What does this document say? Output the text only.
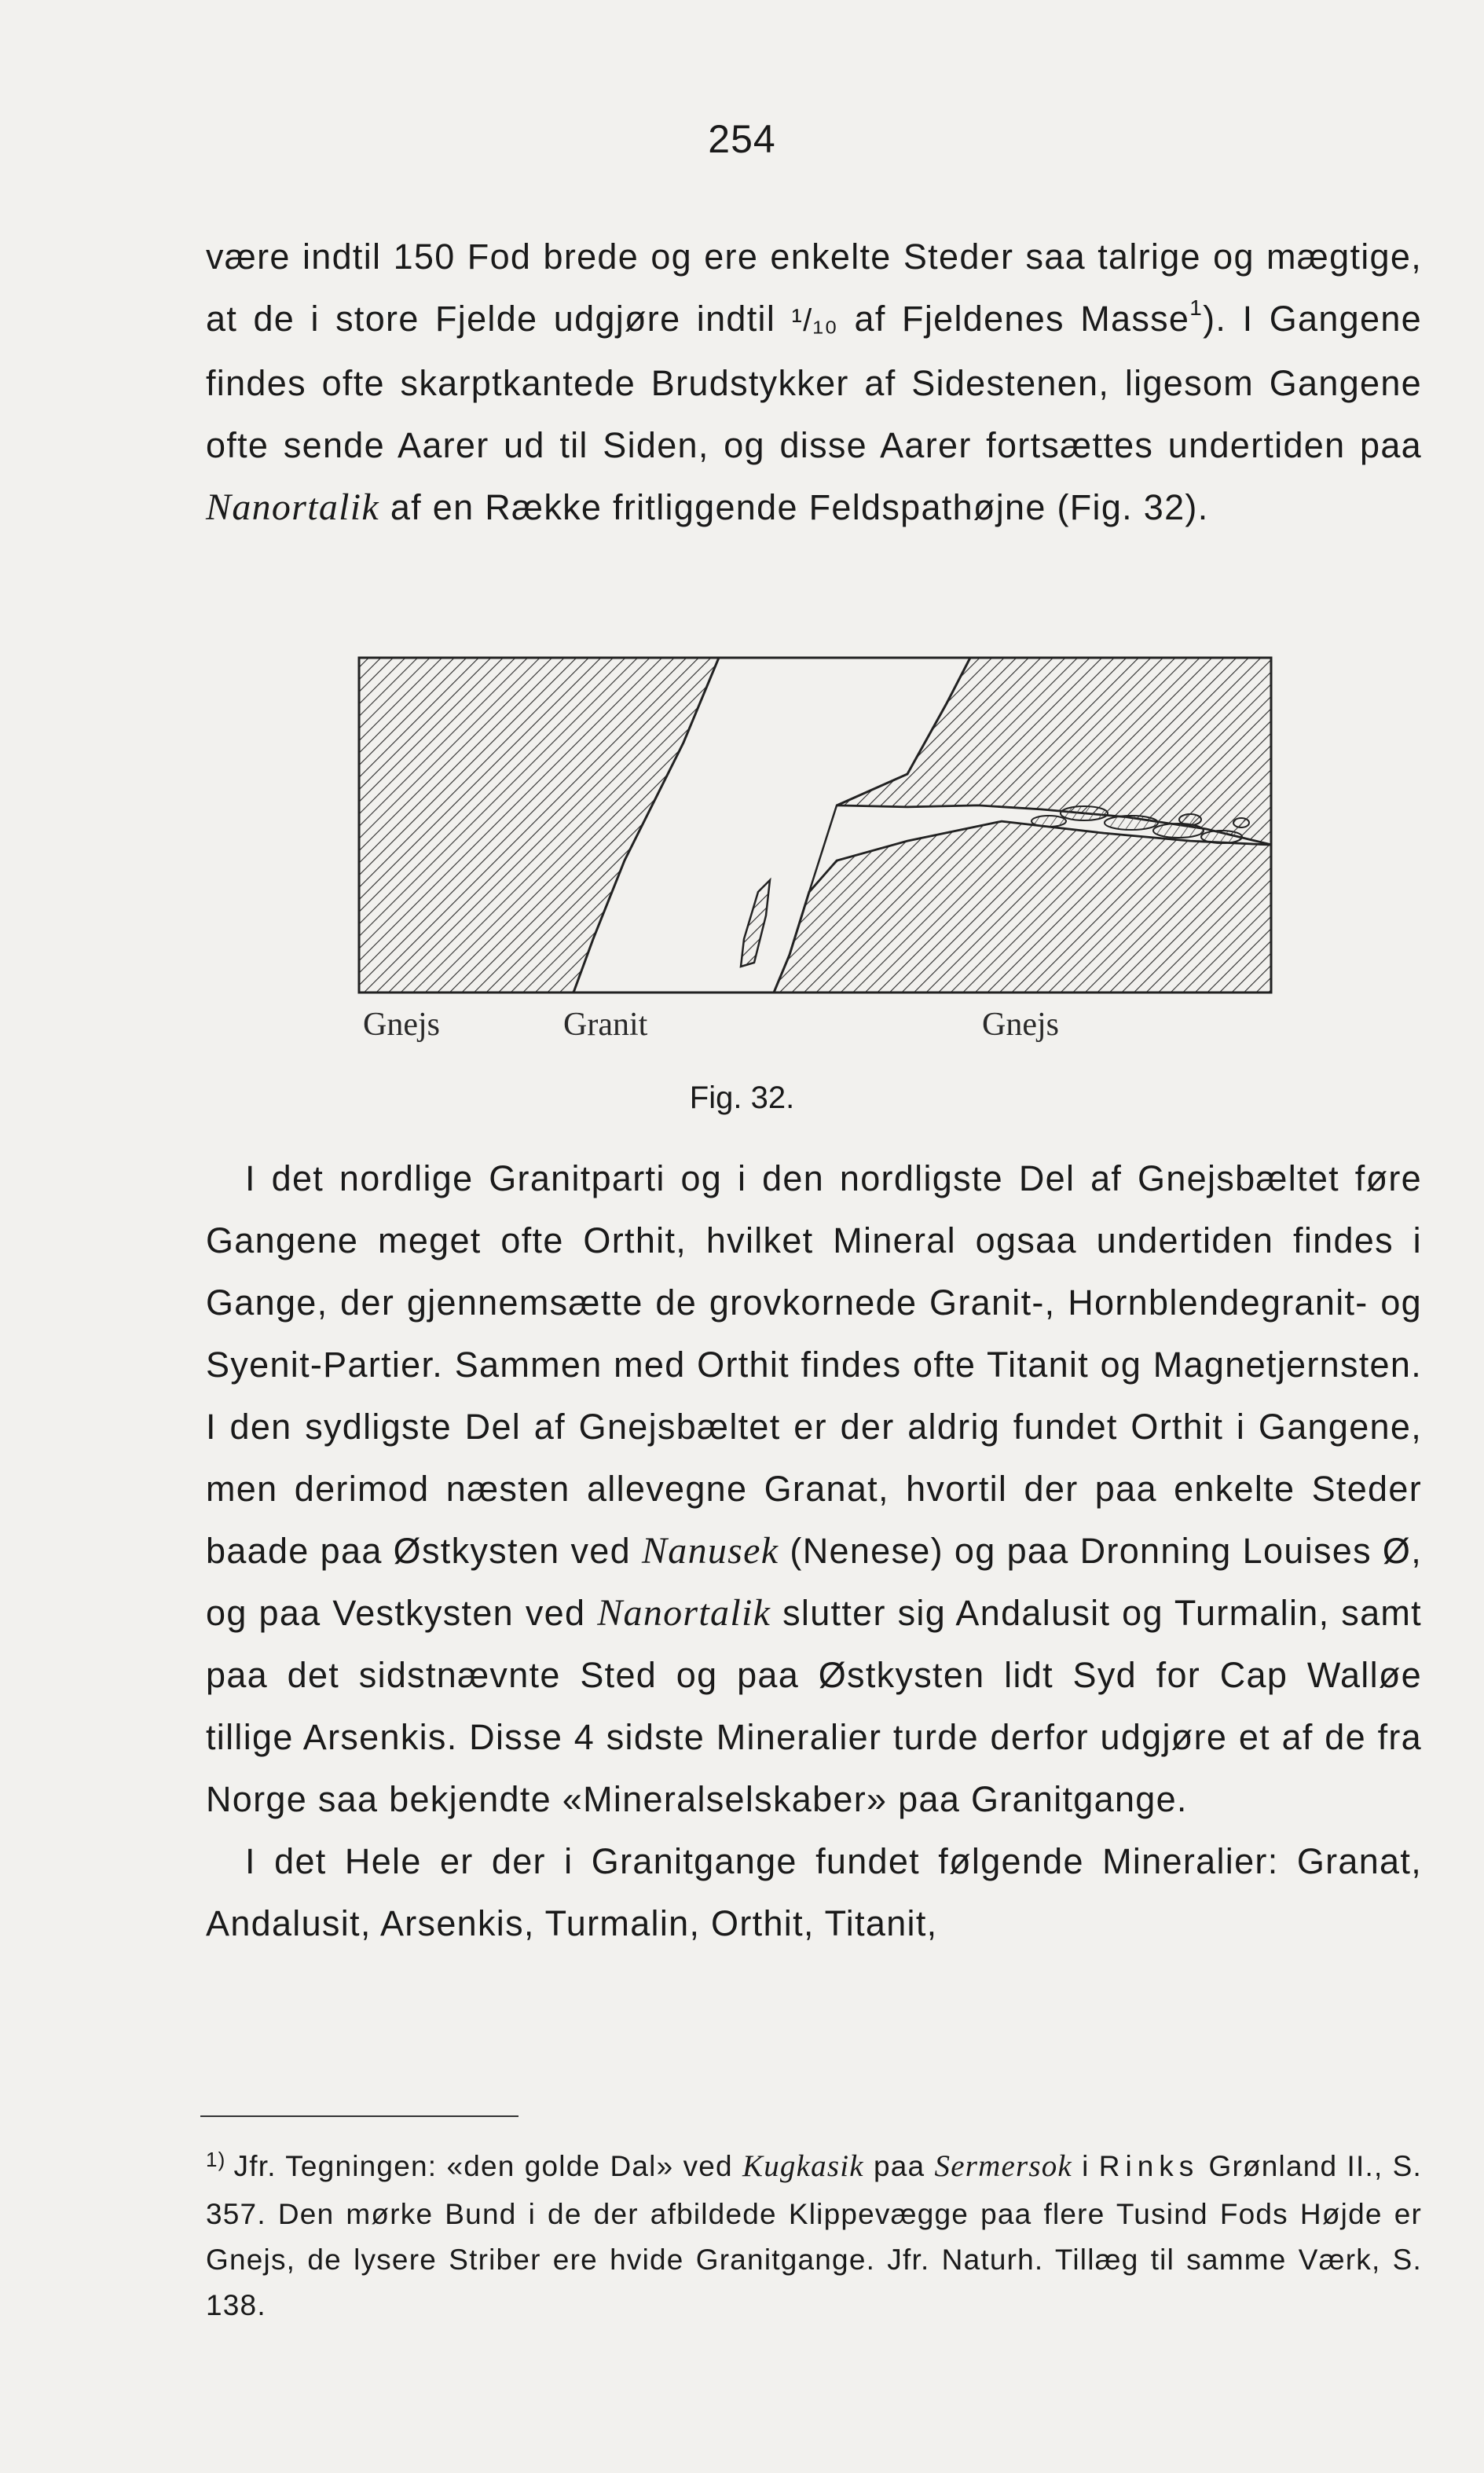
254

være indtil 150 Fod brede og ere enkelte Steder saa talrige og mægtige, at de i store Fjelde udgjøre indtil ¹/₁₀ af Fjeldenes Masse$^1$). I Gangene findes ofte skarptkantede Brudstykker af Sidestenen, ligesom Gangene ofte sende Aarer ud til Siden, og disse Aarer fortsættes undertiden paa Nanortalik af en Række fritliggende Feldspathøjne (Fig. 32).

Gnejs	Granit	Gnejs
Fig. 32.

I det nordlige Granitparti og i den nordligste Del af Gnejsbæltet føre Gangene meget ofte Orthit, hvilket Mineral ogsaa undertiden findes i Gange, der gjennemsætte de grovkornede Granit-, Hornblendegranit- og Syenit-Partier. Sammen med Orthit findes ofte Titanit og Magnetjernsten. I den sydligste Del af Gnejsbæltet er der aldrig fundet Orthit i Gangene, men derimod næsten allevegne Granat, hvortil der paa enkelte Steder baade paa Østkysten ved Nanusek (Nenese) og paa Dronning Louises Ø, og paa Vestkysten ved Nanortalik slutter sig Andalusit og Turmalin, samt paa det sidstnævnte Sted og paa Østkysten lidt Syd for Cap Walløe tillige Arsenkis. Disse 4 sidste Mineralier turde derfor udgjøre et af de fra Norge saa bekjendte «Mineralselskaber» paa Granitgange.

I det Hele er der i Granitgange fundet følgende Mineralier: Granat, Andalusit, Arsenkis, Turmalin, Orthit, Titanit,

$^{1)}$ Jfr. Tegningen: «den golde Dal» ved Kugkasik paa Sermersok i Rinks Grønland II., S. 357. Den mørke Bund i de der afbildede Klippevægge paa flere Tusind Fods Højde er Gnejs, de lysere Striber ere hvide Granitgange. Jfr. Naturh. Tillæg til samme Værk, S. 138.
